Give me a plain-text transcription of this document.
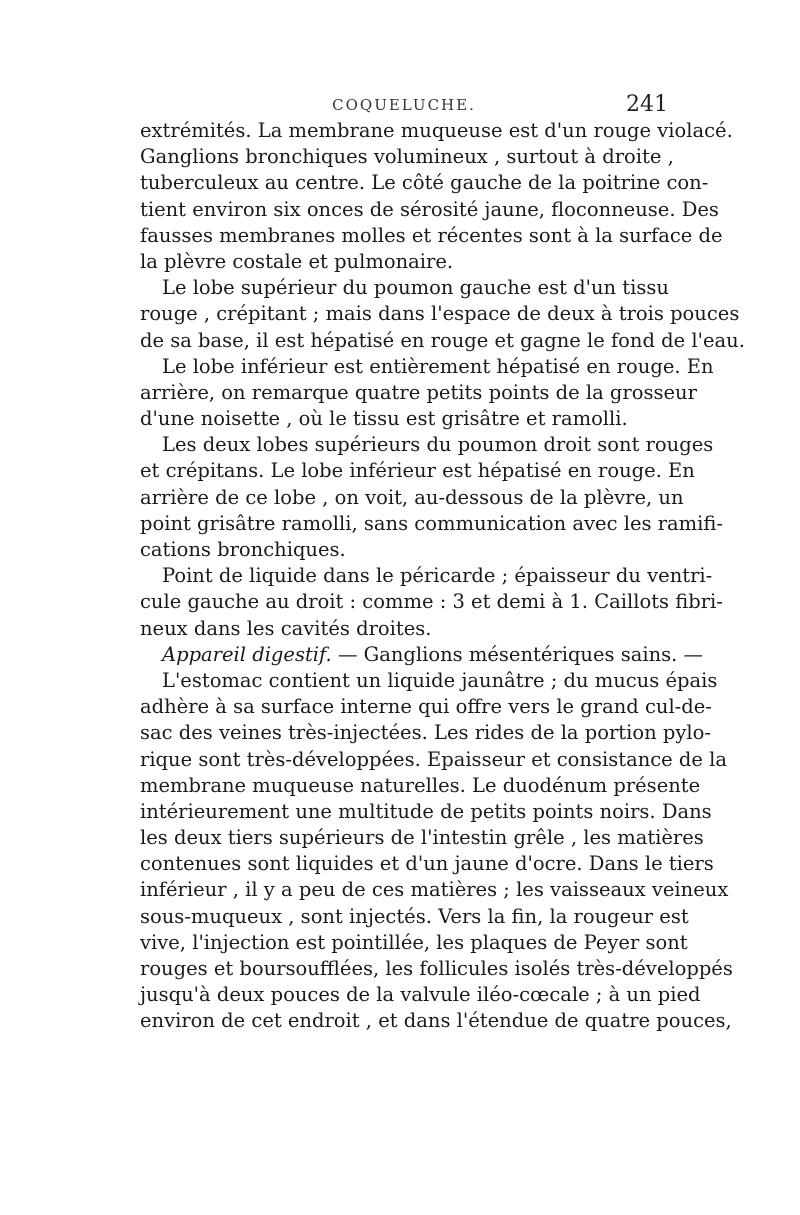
COQUELUCHE.	241
extrémités. La membrane muqueuse est d'un rouge violacé.
Ganglions bronchiques volumineux , surtout à droite ,
tuberculeux au centre. Le côté gauche de la poitrine con-
tient environ six onces de sérosité jaune, floconneuse. Des
fausses membranes molles et récentes sont à la surface de
la plèvre costale et pulmonaire.
Le lobe supérieur du poumon gauche est d'un tissu
rouge , crépitant ; mais dans l'espace de deux à trois pouces
de sa base, il est hépatisé en rouge et gagne le fond de l'eau.
Le lobe inférieur est entièrement hépatisé en rouge. En
arrière, on remarque quatre petits points de la grosseur
d'une noisette , où le tissu est grisâtre et ramolli.
Les deux lobes supérieurs du poumon droit sont rouges
et crépitans. Le lobe inférieur est hépatisé en rouge. En
arrière de ce lobe , on voit, au-dessous de la plèvre, un
point grisâtre ramolli, sans communication avec les ramifi-
cations bronchiques.
Point de liquide dans le péricarde ; épaisseur du ventri-
cule gauche au droit : comme : 3 et demi à 1. Caillots fibri-
neux dans les cavités droites.
Appareil digestif. — Ganglions mésentériques sains. —
L'estomac contient un liquide jaunâtre ; du mucus épais
adhère à sa surface interne qui offre vers le grand cul-de-
sac des veines très-injectées. Les rides de la portion pylo-
rique sont très-développées. Epaisseur et consistance de la
membrane muqueuse naturelles. Le duodénum présente
intérieurement une multitude de petits points noirs. Dans
les deux tiers supérieurs de l'intestin grêle , les matières
contenues sont liquides et d'un jaune d'ocre. Dans le tiers
inférieur , il y a peu de ces matières ; les vaisseaux veineux
sous-muqueux , sont injectés. Vers la fin, la rougeur est
vive, l'injection est pointillée, les plaques de Peyer sont
rouges et boursoufflées, les follicules isolés très-développés
jusqu'à deux pouces de la valvule iléo-cœcale ; à un pied
environ de cet endroit , et dans l'étendue de quatre pouces,
